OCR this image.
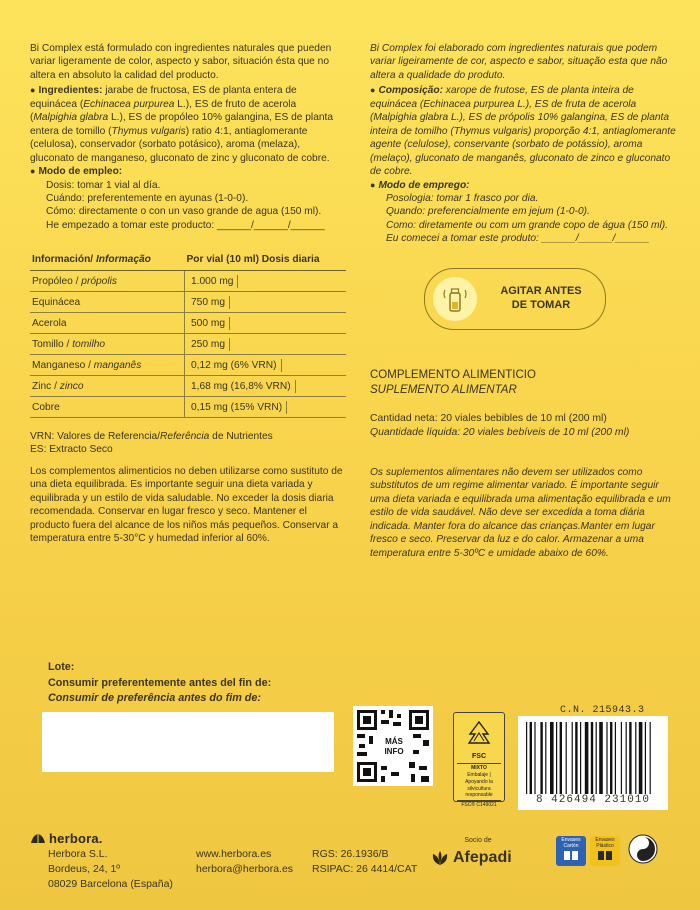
Bi Complex está formulado con ingredientes naturales que pueden variar ligeramente de color, aspecto y sabor, situación ésta que no altera en absoluto la calidad del producto.

● Ingredientes: jarabe de fructosa, ES de planta entera de equinácea (Echinacea purpurea L.), ES de fruto de acerola (Malpighia glabra L.), ES de propóleo 10% galangina, ES de planta entera de tomillo (Thymus vulgaris) ratio 4:1, antiaglomerante (celulosa), conservador (sorbato potásico), aroma (melaza), gluconato de manganeso, gluconato de zinc y gluconato de cobre.

● Modo de empleo:

Dosis: tomar 1 vial al día.

Cuándo: preferentemente en ayunas (1-0-0).

Cómo: directamente o con un vaso grande de agua (150 ml).

He empezado a tomar este producto: ______/______/______

Bi Complex foi elaborado com ingredientes naturais que podem variar ligeiramente de cor, aspecto e sabor, situação esta que não altera a qualidade do produto.

● Composição: xarope de frutose, ES de planta inteira de equinácea (Echinacea purpurea L.), ES de fruta de acerola (Malpighia glabra L.), ES de própolis 10% galangina, ES de planta inteira de tomilho (Thymus vulgaris) proporção 4:1, antiaglomerante agente (celulose), conservante (sorbato de potássio), aroma (melaço), gluconato de manganês, gluconato de zinco e gluconato de cobre.

● Modo de emprego:

Posologia: tomar 1 frasco por dia.

Quando: preferencialmente em jejum (1-0-0).

Como: diretamente ou com um grande copo de água (150 ml).

Eu comecei a tomar este produto: ______/______/______

Información/ Informação	Por vial (10 ml) Dosis diaria
Propóleo / própolis	1.000 mg
Equinácea	750 mg
Acerola	500 mg
Tomillo / tomilho	250 mg
Manganeso / manganês	0,12 mg (6% VRN)
Zinc / zinco	1,68 mg (16,8% VRN)
Cobre	0,15 mg (15% VRN)
AGITAR ANTES
DE TOMAR

COMPLEMENTO ALIMENTICIO

SUPLEMENTO ALIMENTAR

Cantidad neta: 20 viales bebibles de 10 ml (200 ml)

Quantidade líquida: 20 viales bebíveis de 10 ml (200 ml)

VRN: Valores de Referencia/Referência de Nutrientes

ES: Extracto Seco

Los complementos alimenticios no deben utilizarse como sustituto de una dieta equilibrada. Es importante seguir una dieta variada y equilibrada y un estilo de vida saludable. No exceder la dosis diaria recomendada. Conservar en lugar fresco y seco. Mantener el producto fuera del alcance de los niños más pequeños. Conservar a temperatura entre 5-30°C y humedad inferior al 60%.

Os suplementos alimentares não devem ser utilizados como substitutos de um regime alimentar variado. É importante seguir uma dieta variada e equilibrada uma alimentação equilibrada e um estilo de vida saudável. Não deve ser excedida a toma diária indicada. Manter fora do alcance das crianças.Manter em lugar fresco e seco. Preservar da luz e do calor. Armazenar a uma temperatura entre 5-30ºC e umidade abaixo de 60%.

Lote:
Consumir preferentemente antes del fin de:
Consumir de preferência antes do fim de:
MÁS
INFO
FSC
MIXTO
Embalaje | Apoyando la silvicultura responsable
FSC® C149021
C.N. 215943.3
8 426494 231010
herbora.
Herbora S.L.
Bordeus, 24, 1º
08029 Barcelona (España)
www.herbora.es
herbora@herbora.es
RGS: 26.1936/B
RSIPAC: 26 4414/CAT
Socio de
Afepadi
Envases Cartón
Envases Plástico
